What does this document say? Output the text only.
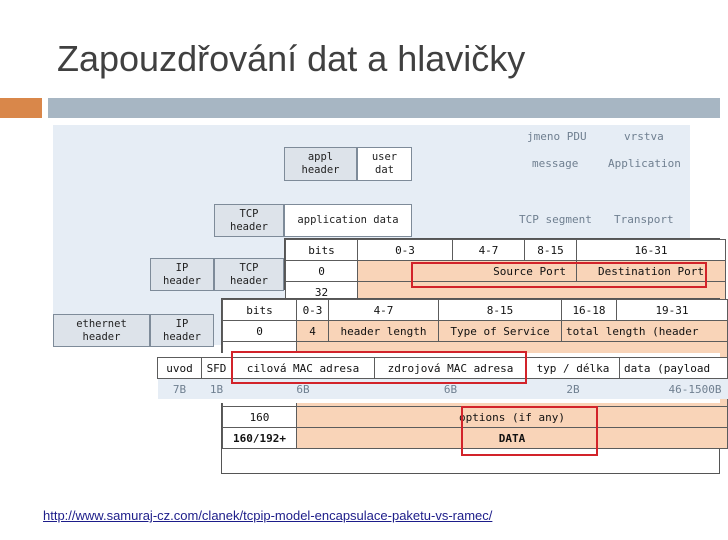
Zapouzdřování dat a hlavičky
jmeno PDU	vrstva
message	Application
TCP segment Transport
appl
header
user
dat
TCP
header
application data
IP
header
TCP
header
ethernet
header
IP
header
bits	0-3	4-7	8-15	16-31
0	Source Port			Destination Port
32				
bits	0-3	4-7	8-15	16-18	19-31
0	4	header length	Type of Service	total length (header	

160	options (if any)				
160/192+	DATA				
uvod	SFD	cilová MAC adresa	zdrojová MAC adresa	typ / délka	data (payload
7B	1B	6B	6B	2B	46-1500B
http://www.samuraj-cz.com/clanek/tcpip-model-encapsulace-paketu-vs-ramec/
